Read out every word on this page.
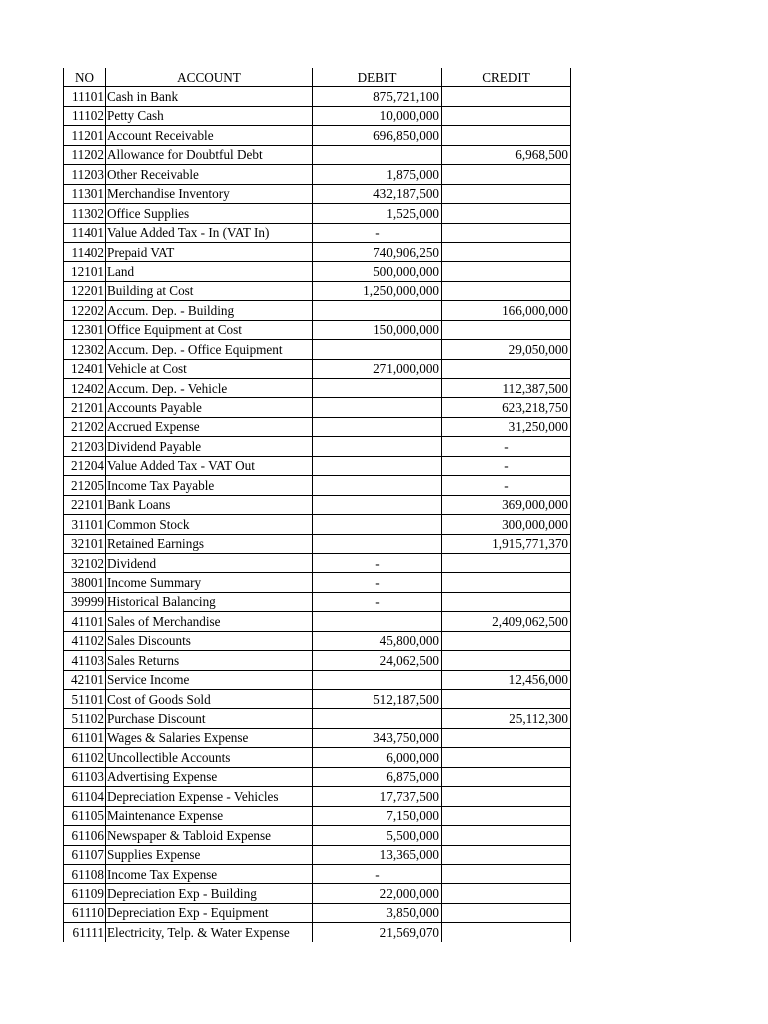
NO	ACCOUNT	DEBIT	CREDIT
11101	Cash in Bank	875,721,100	
11102	Petty Cash	10,000,000	
11201	Account Receivable	696,850,000	
11202	Allowance for Doubtful Debt		6,968,500
11203	Other Receivable	1,875,000	
11301	Merchandise Inventory	432,187,500	
11302	Office Supplies	1,525,000	
11401	Value Added Tax - In (VAT In)	-	
11402	Prepaid VAT	740,906,250	
12101	Land	500,000,000	
12201	Building at Cost	1,250,000,000	
12202	Accum. Dep. - Building		166,000,000
12301	Office Equipment at Cost	150,000,000	
12302	Accum. Dep. - Office Equipment		29,050,000
12401	Vehicle at Cost	271,000,000	
12402	Accum. Dep. - Vehicle		112,387,500
21201	Accounts Payable		623,218,750
21202	Accrued Expense		31,250,000
21203	Dividend Payable		-
21204	Value Added Tax - VAT Out		-
21205	Income Tax Payable		-
22101	Bank Loans		369,000,000
31101	Common Stock		300,000,000
32101	Retained Earnings		1,915,771,370
32102	Dividend	-	
38001	Income Summary	-	
39999	Historical Balancing	-	
41101	Sales of Merchandise		2,409,062,500
41102	Sales Discounts	45,800,000	
41103	Sales Returns	24,062,500	
42101	Service Income		12,456,000
51101	Cost of Goods Sold	512,187,500	
51102	Purchase Discount		25,112,300
61101	Wages & Salaries Expense	343,750,000	
61102	Uncollectible Accounts	6,000,000	
61103	Advertising Expense	6,875,000	
61104	Depreciation Expense - Vehicles	17,737,500	
61105	Maintenance Expense	7,150,000	
61106	Newspaper & Tabloid Expense	5,500,000	
61107	Supplies Expense	13,365,000	
61108	Income Tax Expense	-	
61109	Depreciation Exp - Building	22,000,000	
61110	Depreciation Exp - Equipment	3,850,000	
61111	Electricity, Telp. & Water Expense	21,569,070	
